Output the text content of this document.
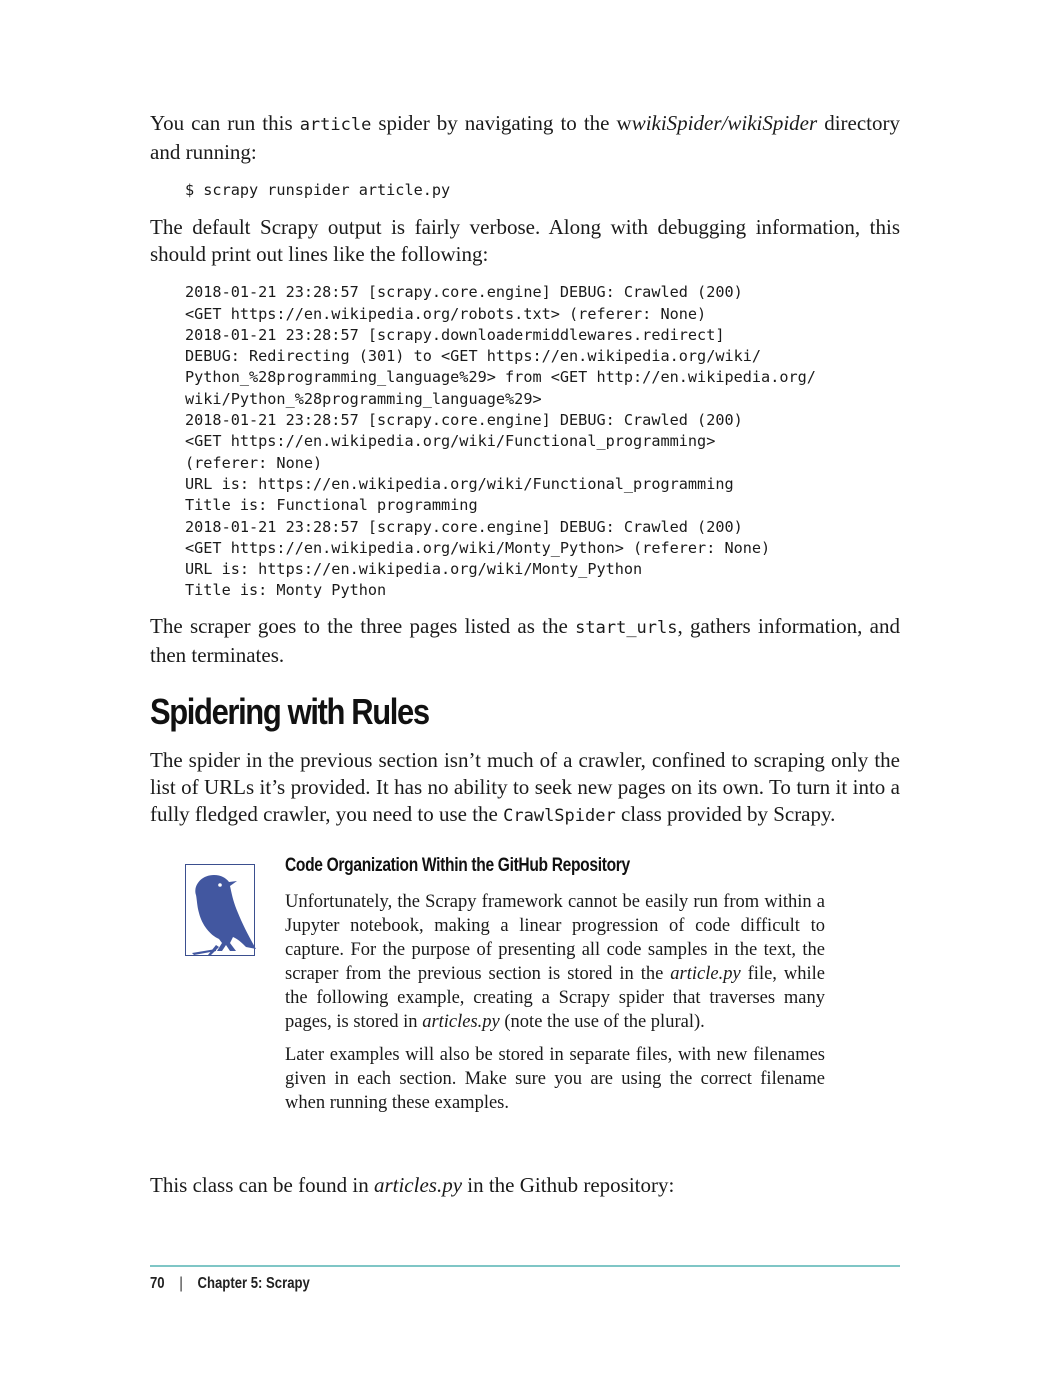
You can run this article spider by navigating to the wwikiSpider/wikiSpider directory and running:

$ scrapy runspider article.py

The default Scrapy output is fairly verbose. Along with debugging information, this should print out lines like the following:

2018-01-21 23:28:57 [scrapy.core.engine] DEBUG: Crawled (200)
<GET https://en.wikipedia.org/robots.txt> (referer: None)
2018-01-21 23:28:57 [scrapy.downloadermiddlewares.redirect]
DEBUG: Redirecting (301) to <GET https://en.wikipedia.org/wiki/
Python_%28programming_language%29> from <GET http://en.wikipedia.org/
wiki/Python_%28programming_language%29>
2018-01-21 23:28:57 [scrapy.core.engine] DEBUG: Crawled (200)
<GET https://en.wikipedia.org/wiki/Functional_programming>
(referer: None)
URL is: https://en.wikipedia.org/wiki/Functional_programming
Title is: Functional programming
2018-01-21 23:28:57 [scrapy.core.engine] DEBUG: Crawled (200)
<GET https://en.wikipedia.org/wiki/Monty_Python> (referer: None)
URL is: https://en.wikipedia.org/wiki/Monty_Python
Title is: Monty Python

The scraper goes to the three pages listed as the start_urls, gathers information, and then terminates.

Spidering with Rules

The spider in the previous section isn’t much of a crawler, confined to scraping only the list of URLs it’s provided. It has no ability to seek new pages on its own. To turn it into a fully fledged crawler, you need to use the CrawlSpider class provided by Scrapy.

Code Organization Within the GitHub Repository

Unfortunately, the Scrapy framework cannot be easily run from within a Jupyter notebook, making a linear progression of code difficult to capture. For the purpose of presenting all code samples in the text, the scraper from the previous section is stored in the article.py file, while the following example, creating a Scrapy spider that traverses many pages, is stored in articles.py (note the use of the plural).

Later examples will also be stored in separate files, with new filenames given in each section. Make sure you are using the correct filename when running these examples.

This class can be found in articles.py in the Github repository:

70 | Chapter 5: Scrapy
